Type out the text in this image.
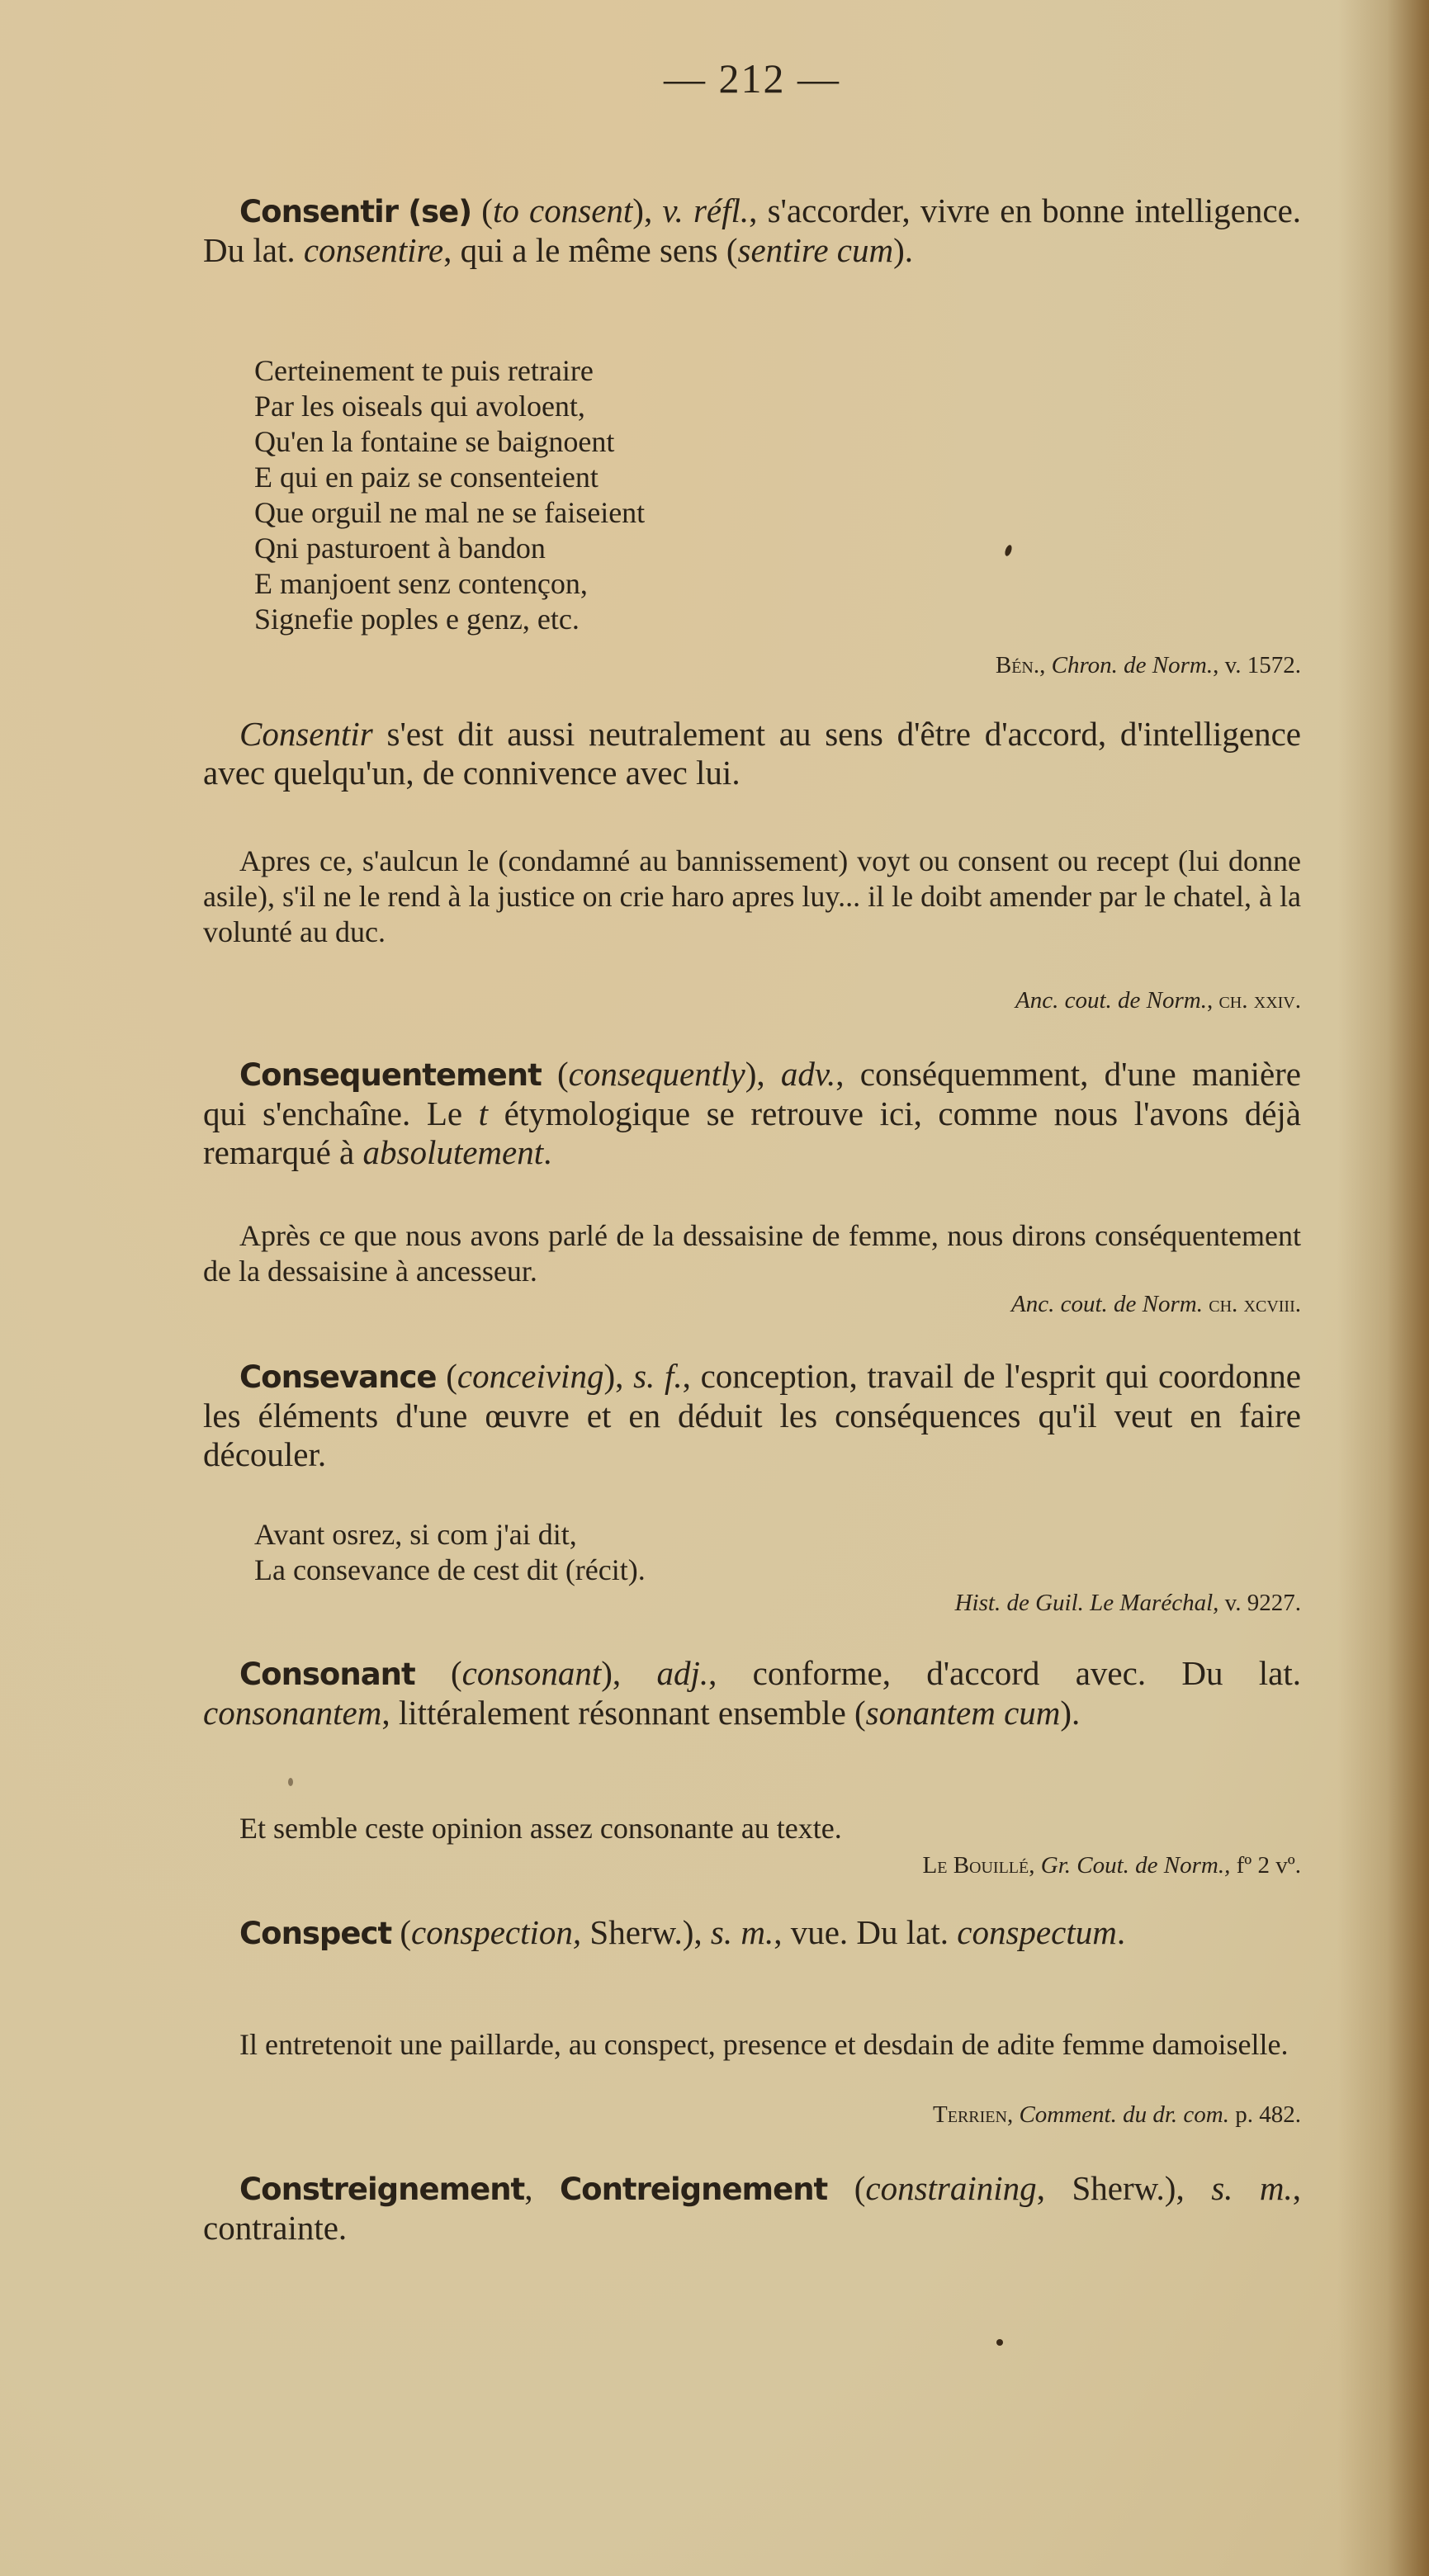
— 212 —
Consentir (se) (to consent), v. réfl., s'accorder, vivre en bonne intelligence. Du lat. consentire, qui a le même sens (sentire cum).
Certeinement te puis retraire
Par les oiseals qui avoloent,
Qu'en la fontaine se baignoent
E qui en paiz se consenteient
Que orguil ne mal ne se faiseient
Qni pasturoent à bandon
E manjoent senz contençon,
Signefie poples e genz, etc.
Bén., Chron. de Norm., v. 1572.
Consentir s'est dit aussi neutralement au sens d'être d'accord, d'intelligence avec quelqu'un, de connivence avec lui.
Apres ce, s'aulcun le (condamné au bannissement) voyt ou consent ou recept (lui donne asile), s'il ne le rend à la justice on crie haro apres luy... il le doibt amender par le chatel, à la volunté au duc.
Anc. cout. de Norm., ch. xxiv.
Consequentement (consequently), adv., conséquemment, d'une manière qui s'enchaîne. Le t étymologique se retrouve ici, comme nous l'avons déjà remarqué à absolutement.
Après ce que nous avons parlé de la dessaisine de femme, nous dirons conséquentement de la dessaisine à ancesseur.
Anc. cout. de Norm. ch. xcviii.
Consevance (conceiving), s. f., conception, travail de l'esprit qui coordonne les éléments d'une œuvre et en déduit les conséquences qu'il veut en faire découler.
Avant osrez, si com j'ai dit,
La consevance de cest dit (récit).
Hist. de Guil. Le Maréchal, v. 9227.
Consonant (consonant), adj., conforme, d'accord avec. Du lat. consonantem, littéralement résonnant ensemble (sonantem cum).
Et semble ceste opinion assez consonante au texte.
Le Bouillé, Gr. Cout. de Norm., fº 2 vº.
Conspect (conspection, Sherw.), s. m., vue. Du lat. conspectum.
Il entretenoit une paillarde, au conspect, presence et desdain de adite femme damoiselle.
Terrien, Comment. du dr. com. p. 482.
Constreignement, Contreignement (constraining, Sherw.), s. m., contrainte.
